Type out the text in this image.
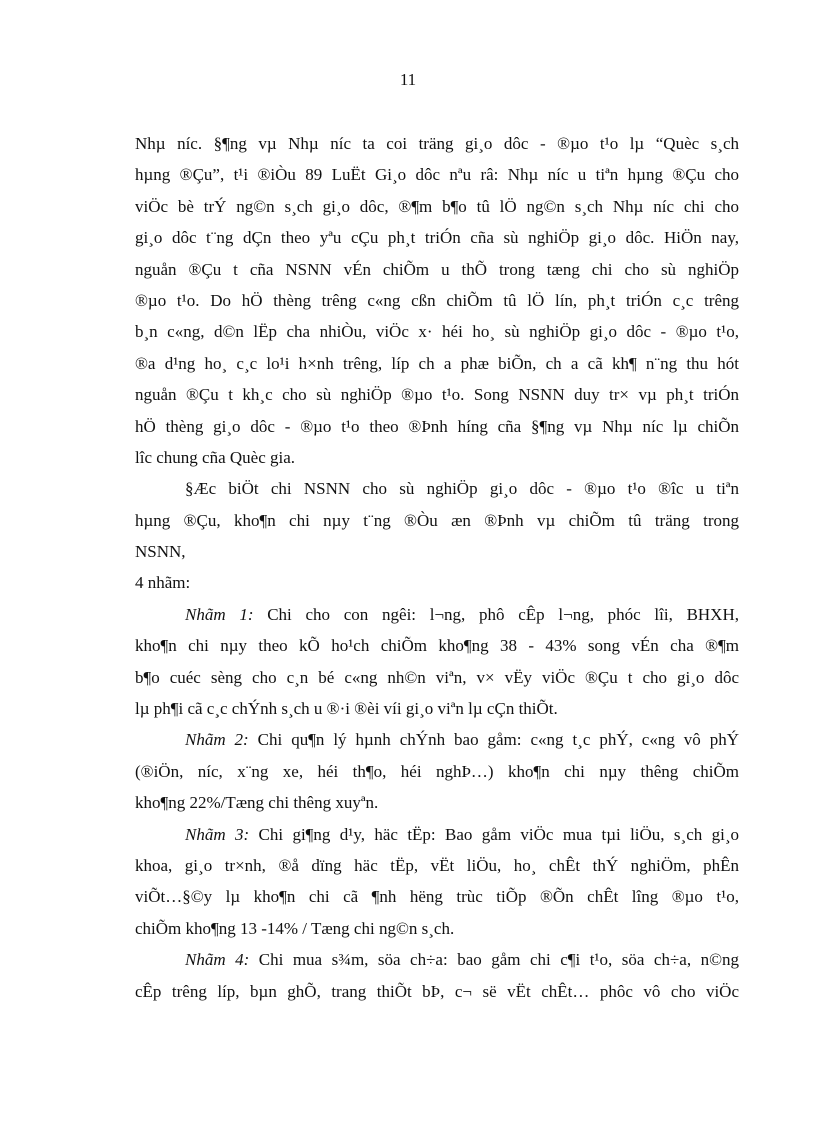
11
Nhµ níc. §¶ng vµ Nhµ níc ta coi träng gi¸o dôc - ®µo t¹o lµ “Quèc s¸ch
hµng ®Çu”, t¹i ®iÒu 89 LuËt Gi¸o dôc nªu râ: Nhµ níc u tiªn hµng ®Çu cho
viÖc bè trÝ ng©n s¸ch gi¸o dôc, ®¶m b¶o tû lÖ ng©n s¸ch Nhµ níc chi cho
gi¸o dôc t¨ng dÇn theo yªu cÇu ph¸t triÓn cña sù nghiÖp gi¸o dôc. HiÖn nay,
nguån ®Çu t cña NSNN vÉn chiÕm u thÕ trong tæng chi cho sù nghiÖp
®µo t¹o. Do hÖ thèng trêng c«ng cßn chiÕm tû lÖ lín, ph¸t triÓn c¸c trêng
b¸n c«ng, d©n lËp cha nhiÒu, viÖc x· héi ho¸ sù nghiÖp gi¸o dôc - ®µo t¹o,
®a d¹ng ho¸ c¸c lo¹i h×nh trêng, líp ch a phæ biÕn, ch a cã kh¶ n¨ng thu hót
nguån ®Çu t kh¸c cho sù nghiÖp ®µo t¹o. Song NSNN duy tr× vµ ph¸t triÓn
hÖ thèng gi¸o dôc - ®µo t¹o theo ®Þnh híng cña §¶ng vµ Nhµ níc lµ chiÕn
lîc chung cña Quèc gia.
§Æc biÖt chi NSNN cho sù nghiÖp gi¸o dôc - ®µo t¹o ®îc u tiªn
hµng ®Çu, kho¶n chi nµy t¨ng ®Òu æn ®Þnh vµ chiÕm tû träng trong
NSNN,
4 nhãm:
Nhãm 1: Chi cho con ngêi: l¬ng, phô cÊp l¬ng, phóc lîi, BHXH,
kho¶n chi nµy theo kÕ ho¹ch chiÕm kho¶ng 38 - 43% song vÉn cha ®¶m
b¶o cuéc sèng cho c¸n bé c«ng nh©n viªn, v× vËy viÖc ®Çu t cho gi¸o dôc
lµ ph¶i cã c¸c chÝnh s¸ch u ®·i ®èi víi gi¸o viªn lµ cÇn thiÕt.
Nhãm 2: Chi qu¶n lý hµnh chÝnh bao gåm: c«ng t¸c phÝ, c«ng vô phÝ
(®iÖn, níc, x¨ng xe, héi th¶o, héi nghÞ…) kho¶n chi nµy thêng chiÕm
kho¶ng 22%/Tæng chi thêng xuyªn.
Nhãm 3: Chi gi¶ng d¹y, häc tËp: Bao gåm viÖc mua tµi liÖu, s¸ch gi¸o
khoa, gi¸o tr×nh, ®å dïng häc tËp, vËt liÖu, ho¸ chÊt thÝ nghiÖm, phÊn
viÕt…§©y lµ kho¶n chi cã ¶nh hëng trùc tiÕp ®Õn chÊt lîng ®µo t¹o,
chiÕm kho¶ng 13 -14% / Tæng chi ng©n s¸ch.
Nhãm 4: Chi mua s¾m, söa ch÷a: bao gåm chi c¶i t¹o, söa ch÷a, n©ng
cÊp trêng líp, bµn ghÕ, trang thiÕt bÞ, c¬ së vËt chÊt… phôc vô cho viÖc
